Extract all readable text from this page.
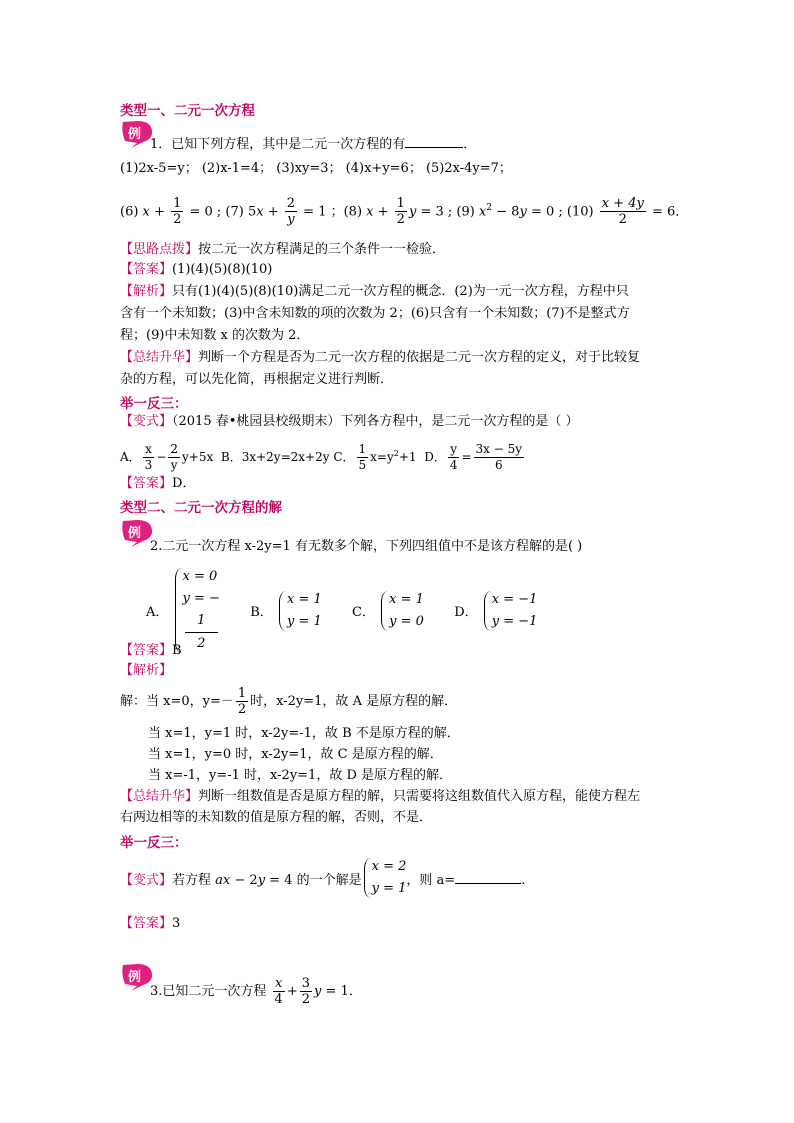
类型一、二元一次方程
例
1．已知下列方程，其中是二元一次方程的有	．
(1)2x-5=y； (2)x-1=4； (3)xy=3； (4)x+y=6； (5)2x-4y=7；
(6) $x + \frac{1}{2} = 0$ ; (7) $5x + \frac{2}{y} = 1$ ；(8) $x + \frac{1}{2}$ y = 3 ; (9) $x^2 - 8y = 0$ ; $(10) \frac{x + 4y}{2} = 6$．
【思路点拨】按二元一次方程满足的三个条件一一检验．
【答案】(1)(4)(5)(8)(10)
【解析】只有(1)(4)(5)(8)(10)满足二元一次方程的概念．(2)为一元一次方程，方程中只
含有一个未知数；(3)中含未知数的项的次数为 2；(6)只含有一个未知数；(7)不是整式方
程；(9)中未知数 x 的次数为 2．
【总结升华】判断一个方程是否为二元一次方程的依据是二元一次方程的定义，对于比较复
杂的方程，可以先化简，再根据定义进行判断．
举一反三：
【变式】（2015 春•桃园县校级期末）下列各方程中，是二元一次方程的是（ ）
A． $\frac{x}{3} - \frac{2}{y} y+5x$  B．3x+2y=2x+2y C． $\frac{1}{5} x=y^2+1$  D． $\frac{y}{4} = \frac{3x - 5y}{6}$
【答案】D．
类型二、二元一次方程的解
例
2.二元一次方程 x-2y=1 有无数多个解，下列四组值中不是该方程解的是( )
A．
x = 0
y = −
1
2
B．
x = 1
y = 1
C．
x = 1
y = 0
D．
x = −1
y = −1
【答案】B
【解析】
解：当 x=0，$y=- \frac{1}{2}$ 时，x-2y=1，故 A 是原方程的解．
当 x=1，y=1 时，x-2y=-1，故 B 不是原方程的解．
当 x=1，y=0 时，x-2y=1，故 C 是原方程的解．
当 x=-1，y=-1 时，x-2y=1，故 D 是原方程的解．
【总结升华】判断一组数值是否是原方程的解，只需要将这组数值代入原方程，能使方程左
右两边相等的未知数的值是原方程的解，否则，不是．
举一反三：
【变式】若方程 ax − 2y = 4 的一个解是
x = 2
y = 1
，则 a=	.
【答案】3
例
3.已知二元一次方程 $\frac{x}{4} + \frac{3}{2}$ y = 1．
